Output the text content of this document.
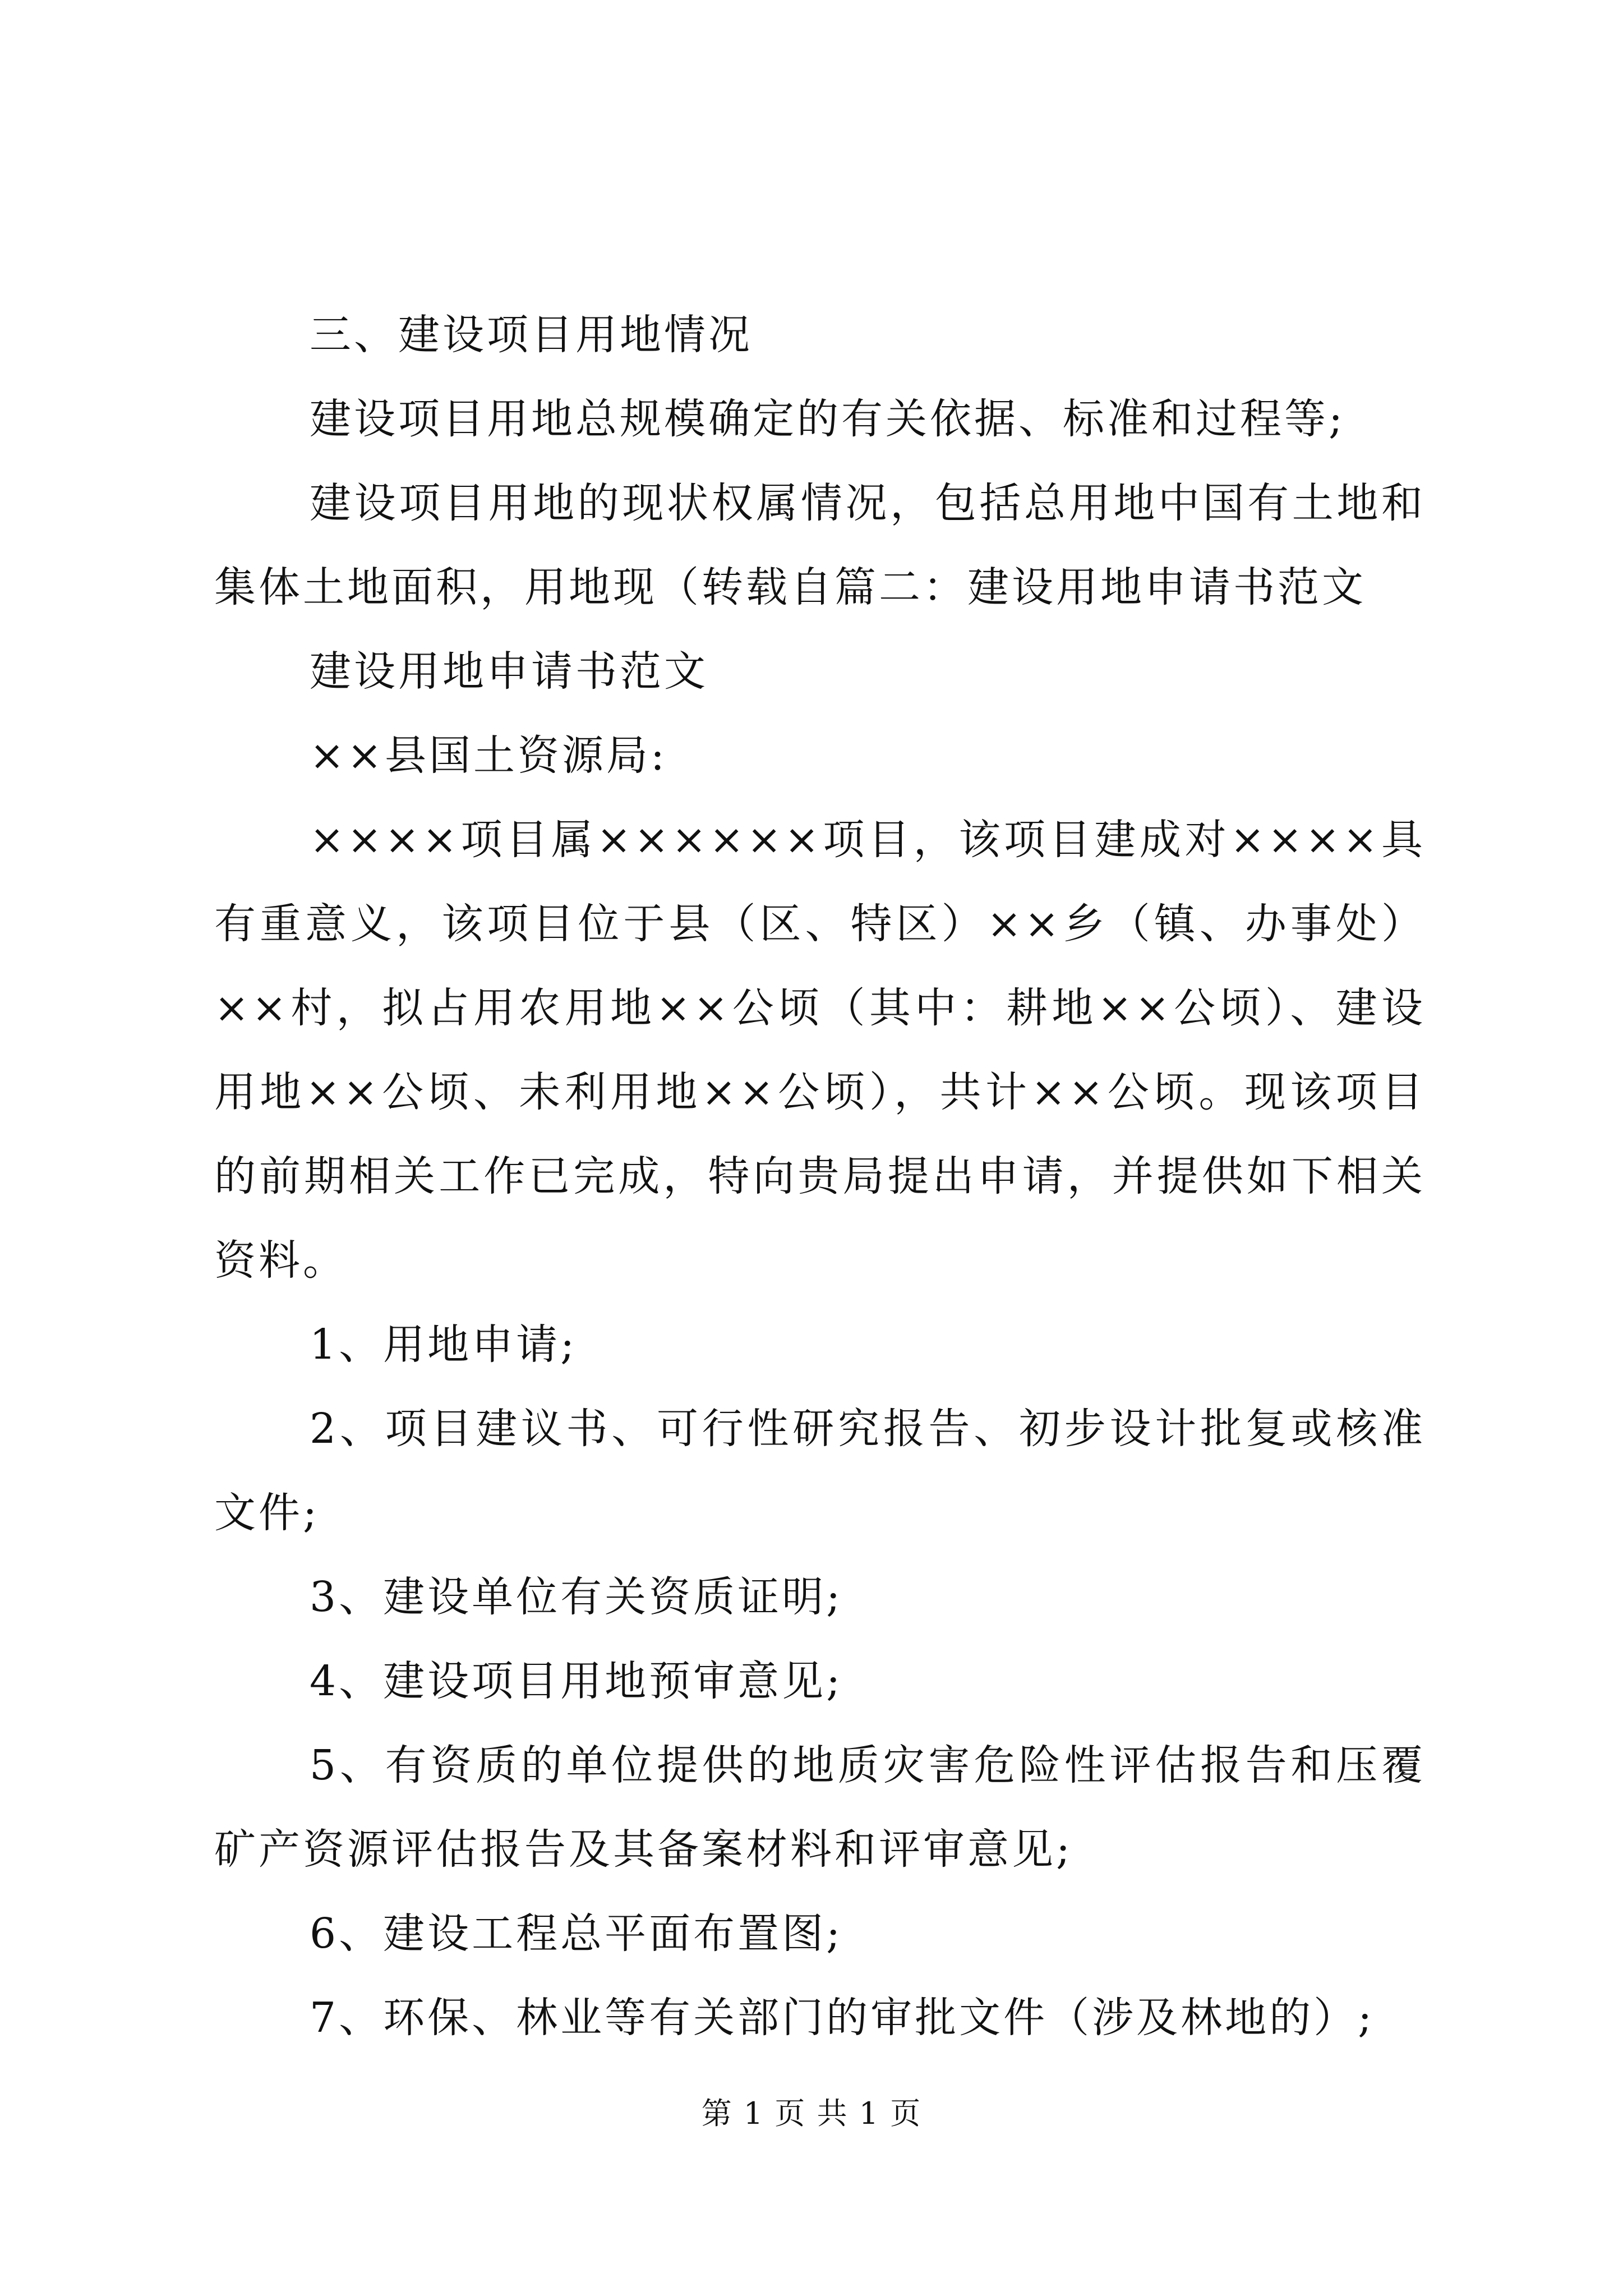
三、建设项目用地情况

建设项目用地总规模确定的有关依据、标准和过程等;

建设项目用地的现状权属情况，包括总用地中国有土地和集体土地面积，用地现（转载自篇二：建设用地申请书范文

建设用地申请书范文

××县国土资源局:

××××项目属××××××项目，该项目建成对××××具有重意义，该项目位于县（区、特区）××乡（镇、办事处）××村，拟占用农用地××公顷（其中：耕地××公顷）、建设用地××公顷、未利用地××公顷），共计××公顷。现该项目的前期相关工作已完成，特向贵局提出申请，并提供如下相关资料。

1、用地申请;

2、项目建议书、可行性研究报告、初步设计批复或核准文件;

3、建设单位有关资质证明;

4、建设项目用地预审意见;

5、有资质的单位提供的地质灾害危险性评估报告和压覆矿产资源评估报告及其备案材料和评审意见;

6、建设工程总平面布置图;

7、环保、林业等有关部门的审批文件（涉及林地的）;

第 1 页 共 1 页
